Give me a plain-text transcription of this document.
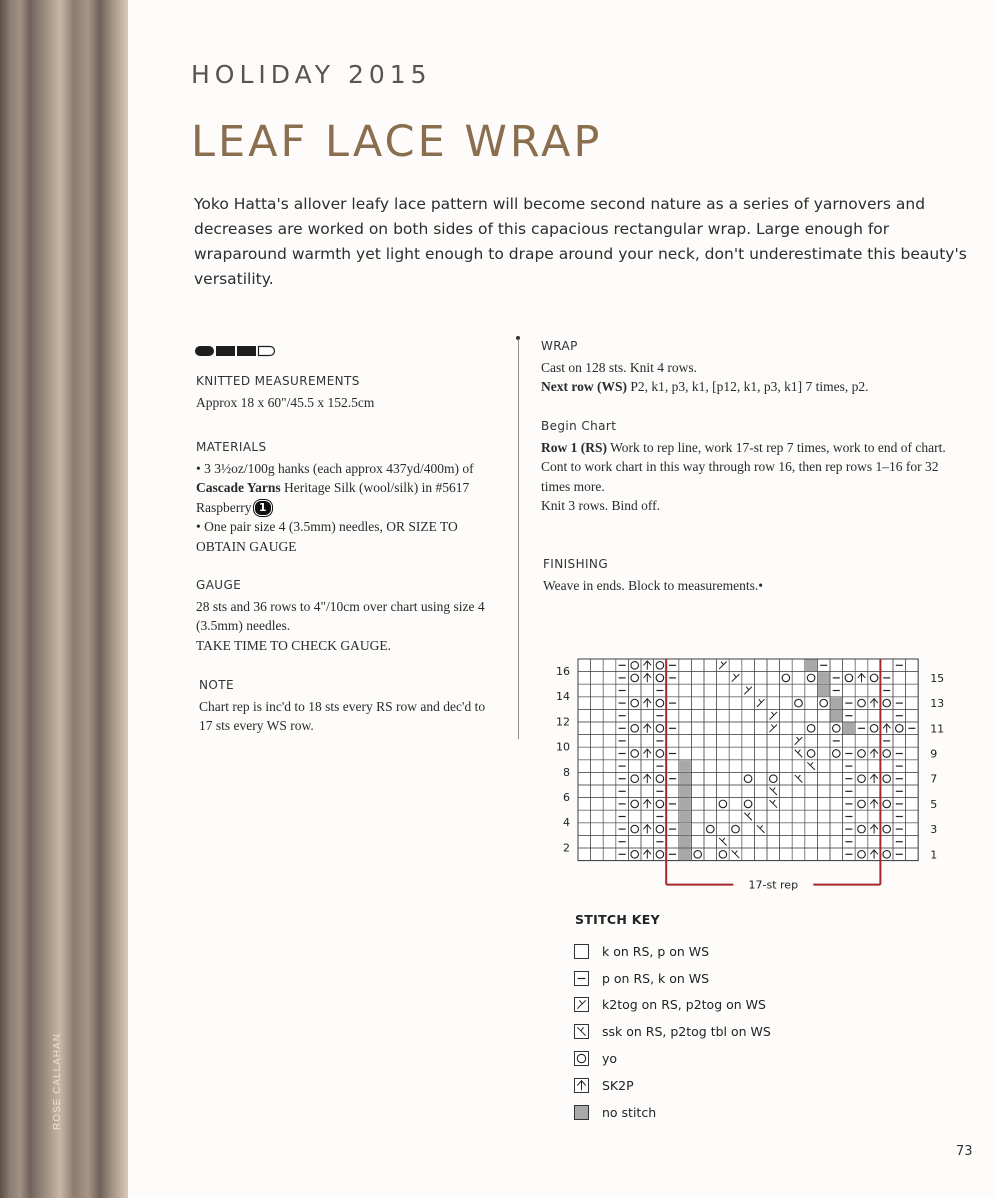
ROSE CALLAHAN
HOLIDAY 2015
LEAF LACE WRAP

Yoko Hatta's allover leafy lace pattern will become second nature as a series of yarnovers and decreases are worked on both sides of this capacious rectangular wrap. Large enough for wraparound warmth yet light enough to drape around your neck, don't underestimate this beauty's versatility.

KNITTED MEASUREMENTS

Approx 18 x 60"/45.5 x 152.5cm

MATERIALS

• 3 3½oz/100g hanks (each approx 437yd/400m) of Cascade Yarns Heritage Silk (wool/silk) in #5617 Raspberry 1

• One pair size 4 (3.5mm) needles, OR SIZE TO OBTAIN GAUGE

GAUGE

28 sts and 36 rows to 4"/10cm over chart using size 4 (3.5mm) needles.

TAKE TIME TO CHECK GAUGE.

NOTE

Chart rep is inc'd to 18 sts every RS row and dec'd to 17 sts every WS row.

WRAP

Cast on 128 sts. Knit 4 rows.

Next row (WS) P2, k1, p3, k1, [p12, k1, p3, k1] 7 times, p2.

Begin Chart

Row 1 (RS) Work to rep line, work 17-st rep 7 times, work to end of chart.

Cont to work chart in this way through row 16, then rep rows 1–16 for 32 times more.

Knit 3 rows. Bind off.

FINISHING

Weave in ends. Block to measurements.•

17-st rep
16
14
12
10
8
6
4
2
15
13
11
9
7
5
3
1
STITCH KEY
k on RS, p on WS
p on RS, k on WS
k2tog on RS, p2tog on WS
ssk on RS, p2tog tbl on WS
yo
SK2P
no stitch
73
